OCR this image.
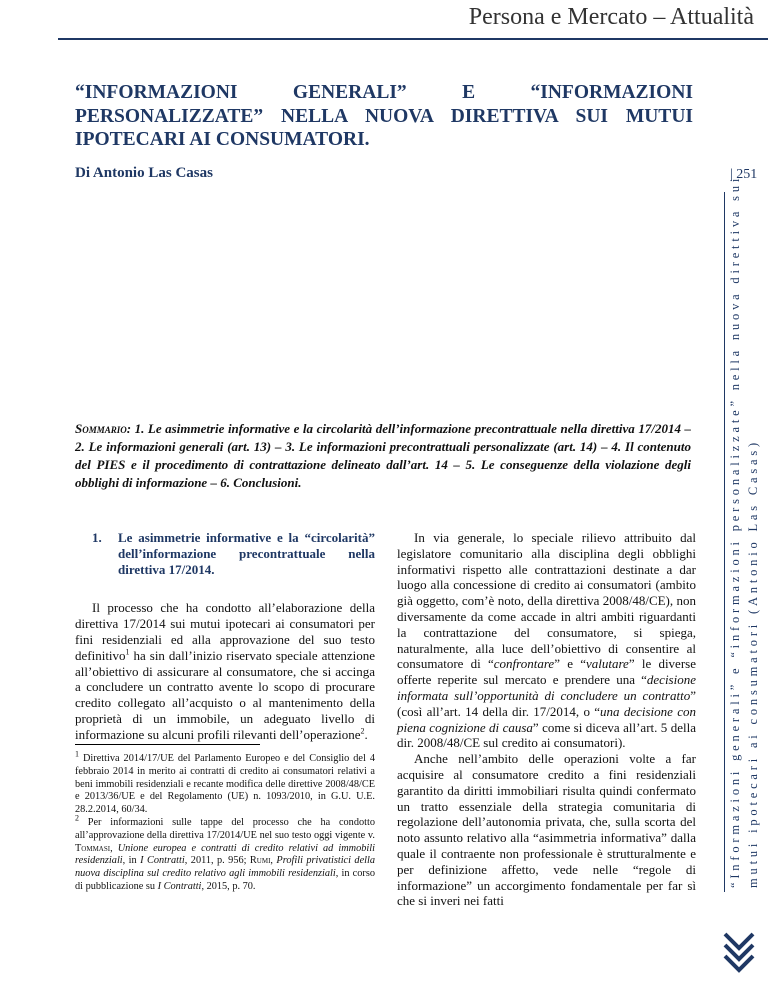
Persona e Mercato – Attualità
“INFORMAZIONI GENERALI” E “INFORMAZIONI
PERSONALIZZATE” NELLA NUOVA DIRETTIVA SUI MUTUI IPOTECARI AI CONSUMATORI.
Di Antonio Las Casas	| 251
“Informazioni generali” e “informazioni personalizzate” nella nuova direttiva sui mutui ipotecari ai consumatori (Antonio Las Casas)

Sommario: 1. Le asimmetrie informative e la circolarità dell’informazione precontrattuale nella direttiva 17/2014 – 2. Le informazioni generali (art. 13) – 3. Le informazioni precontrattuali personalizzate (art. 14) – 4. Il contenuto del PIES e il procedimento di contrattazione delineato dall’art. 14 – 5. Le conseguenze della violazione degli obblighi di informazione – 6. Conclusioni.

1.	Le asimmetrie informative e la “circolarità” dell’informazione precontrattuale nella direttiva 17/2014.

Il processo che ha condotto all’elaborazione della direttiva 17/2014 sui mutui ipotecari ai consumatori per fini residenziali ed alla approvazione del suo testo definitivo$^1$ ha sin dall’inizio riservato speciale attenzione all’obiettivo di assicurare al consumatore, che si accinga a concludere un contratto avente lo scopo di procurare credito collegato all’acquisto o al mantenimento della proprietà di un immobile, un adeguato livello di informazione su alcuni profili rilevanti dell’operazione$^2$.

$^1$ Direttiva 2014/17/UE del Parlamento Europeo e del Consiglio del 4 febbraio 2014 in merito ai contratti di credito ai consumatori relativi a beni immobili residenziali e recante modifica delle direttive 2008/48/CE e 2013/36/UE e del Regolamento (UE) n. 1093/2010, in G.U. U.E. 28.2.2014, 60/34.

$^2$ Per informazioni sulle tappe del processo che ha condotto all’approvazione della direttiva 17/2014/UE nel suo testo oggi vigente v. Tommasi, Unione europea e contratti di credito relativi ad immobili residenziali, in I Contratti, 2011, p. 956; Rumi, Profili privatistici della nuova disciplina sul credito relativo agli immobili residenziali, in corso di pubblicazione su I Contratti, 2015, p. 70.

In via generale, lo speciale rilievo attribuito dal legislatore comunitario alla disciplina degli obblighi informativi rispetto alle contrattazioni destinate a dar luogo alla concessione di credito ai consumatori (ambito già oggetto, com’è noto, della direttiva 2008/48/CE), non diversamente da come accade in altri ambiti riguardanti la contrattazione del consumatore, si spiega, naturalmente, alla luce dell’obiettivo di consentire al consumatore di “confrontare” e “valutare” le diverse offerte reperite sul mercato e prendere una “decisione informata sull’opportunità di concludere un contratto” (così all’art. 14 della dir. 17/2014, o “una decisione con piena cognizione di causa” come si diceva all’art. 5 della dir. 2008/48/CE sul credito ai consumatori).

Anche nell’ambito delle operazioni volte a far acquisire al consumatore credito a fini residenziali garantito da diritti immobiliari risulta quindi confermato un tratto essenziale della strategia comunitaria di regolazione dell’autonomia privata, che, sulla scorta del noto assunto relativo alla “asimmetria informativa” dalla quale il contraente non professionale è strutturalmente e per definizione affetto, vede nelle “regole di informazione” un accorgimento fondamentale per far sì che si inveri nei fatti
